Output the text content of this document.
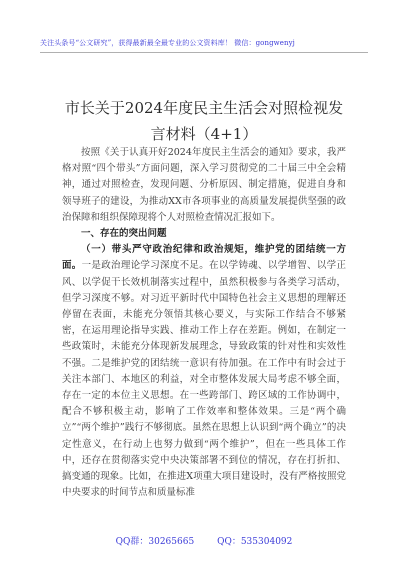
关注头条号“公文研究”，获得最新最全最专业的公文资料库！ 微信：gongwenyj
市长关于2024年度民主生活会对照检视发
言材料（4+1）

按照《关于认真开好2024年度民主生活会的通知》要求，我严格对照“四个带头”方面问题，深入学习贯彻党的二十届三中全会精神，通过对照检查，发现问题、分析原因、制定措施，促进自身和领导班子的建设，为推动XX市各项事业的高质量发展提供坚强的政治保障和组织保障现将个人对照检查情况汇报如下。

一、存在的突出问题

（一）带头严守政治纪律和政治规矩，维护党的团结统一方面。一是政治理论学习深度不足。在以学铸魂、以学增智、以学正风、以学促干长效机制落实过程中，虽然积极参与各类学习活动，但学习深度不够。对习近平新时代中国特色社会主义思想的理解还停留在表面，未能充分领悟其核心要义，与实际工作结合不够紧密，在运用理论指导实践、推动工作上存在差距。例如，在制定一些政策时，未能充分体现新发展理念，导致政策的针对性和实效性不强。二是维护党的团结统一意识有待加强。在工作中有时会过于关注本部门、本地区的利益，对全市整体发展大局考虑不够全面，存在一定的本位主义思想。在一些跨部门、跨区域的工作协调中，配合不够积极主动，影响了工作效率和整体效果。三是“两个确立”“两个维护”践行不够彻底。虽然在思想上认识到“两个确立”的决定性意义，在行动上也努力做到“两个维护”，但在一些具体工作中，还存在贯彻落实党中央决策部署不到位的情况，存在打折扣、搞变通的现象。比如，在推进X项重大项目建设时，没有严格按照党中央要求的时间节点和质量标准

QQ群：30265665	QQ：535304092
